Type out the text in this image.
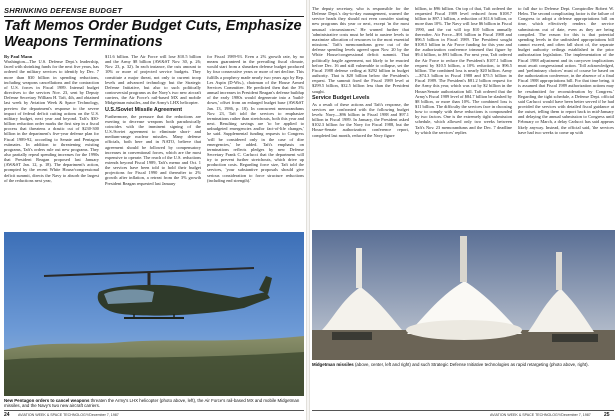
SHRINKING DEFENSE BUDGET
Taft Memos Order Budget Cuts, Emphasize Weapons Terminations

By Paul Mann

Washington—The U.S. Defense Dept.'s leadership, faced with shrinking funds for the next five years, has ordered the military services to identify by Dec. 7 more than $30 billion in spending reductions, including weapons cancellations and the contraction of U.S. forces in Fiscal 1989. Internal budget directives to the services Nov. 23, sent by Deputy Defense Secretary William H. Taft, 4th, and obtained last week by Aviation Week & Space Technology, preview the department's response to the severe impact of federal deficit cutting actions on the U.S. military budget, next year and beyond. Taft's $30-billion reduction order marks the first step in a fiscal process that threatens a drastic cut of $230-300 billion in the department's five-year defense plan for Fiscal 1989-92, according to Senate and Pentagon estimates. In addition to threatening existing programs, Taft's orders rule out new programs. They also partially repeal spending increases for the 1990s that President Reagan proposed last January (AW&ST Jan. 12, p. 18). The department's action, prompted by the recent White House/congressional deficit summit, directs the Navy to absorb the largest of the reductions next year,

$11.6 billion. The Air Force will lose $10.5 billion and the Army $8 billion (AW&ST Nov. 30, p. 26; Nov. 23, p. 32). In each instance, the cuts amount to 10% or more of projected service budgets. They constitute a major threat, not only to current troop levels and advanced technology but the Strategic Defense Initiative, but also to such politically controversial programs as the Navy's two new aircraft carriers, the Air Force's rail-based MX and mobile Midgetman missiles, and the Army's LHX helicopter.

U.S./Soviet Missile Agreement

Furthermore, the pressure that the reductions are exerting to decrease weapons both paradoxically coincides with the imminent signing of the U.S./Soviet agreement to eliminate short- and medium-range nuclear missiles. Many defense officials, both here and in NATO, believe that agreement should be followed by compensatory increases in conventional forces, which are the most expensive to operate. The reach of the U.S. reductions extends beyond Fiscal 1989, Taft's memo and Oct. 1 the services have been told to hold their budget projections for Fiscal 1990 and thereafter to 2% growth after inflation, a retreat from the 3% growth President Reagan requested last January

for Fiscal 1989-93. Even a 2% growth rate, by no means guaranteed in the prevailing fiscal climate, would start from a shrunken defense budget produced by four consecutive years or more of net decline. This fulfills a prophecy made nearly two years ago by Rep. Les Aspin (D-Wis.), chairman of the House Armed Services Committee. He predicted then that the 3% annual increases in President Reagan's defense buildup of the early 1980s would degenerate into a 'build-down,' offset from an enlarged budget base (AW&ST Jan. 13, 1986, p. 18). In concurrent memorandums Nov. 23, Taft told the services to emphasize terminations rather than stretchouts, both this year and next. Resulting savings are 'to be applied to unbudgeted emergencies and/or fact-of-life changes,' he said. Supplemental funding requests to Congress 'will be considered only in the case of dire emergencies,' he added. Taft's emphasis on terminations reflects pledges by new Defense Secretary Frank C. Carlucci that the department will try to prevent further stretchouts, which drive up production costs. Regarding force size, Taft told the services, 'your substantive proposals should give serious consideration to force structure reductions (including end strength).'

New Pentagon orders to cancel weapons threaten the Army's LHX helicopter (photo above, left), the Air Force's rail-based MX and mobile Midgetman missiles, and the Navy's two new aircraft carriers.
24 AVIATION WEEK & SPACE TECHNOLOGY/December 7, 1987

The deputy secretary, who is responsible for the Defense Dept.'s day-to-day management, warned the service heads they should not even consider starting new programs this year or next, except 'in the most unusual circumstances.' He warned further that 'administrative costs must be held to austere levels to maximize allocation of resources to the most essential missions.' Taft's memorandums grew out of the defense spending levels agreed upon Nov. 20 by the White House/congressional deficit summit. That politically fragile agreement, not likely to be enacted before Dec. 16 and still vulnerable to collapse, set the Fiscal 1988 defense ceiling at $292 billion in budget authority. That is $20 billion below the President's request. The summit fixed the Fiscal 1989 level at $299.5 billion, $32.5 billion less than the President sought.

Service Budget Levels

As a result of these actions and Taft's response, the services are confronted with the following budget levels: Navy—$96 billion in Fiscal 1988 and $97.1 billion in Fiscal 1989. In January, the President asked $102.3 billion for the Navy for Fiscal 1988, but the House-Senate authorization conference report, completed last month, reduced the Navy figure

billion, to $96 billion. On top of that, Taft ordered the requested Fiscal 1989 level reduced from $108.7 billion to $97.1 billion, a reduction of $11.6 billion, or more than 10%. The Navy will lose $6 billion in Fiscal 1990, and the cut will top $10 billion annually thereafter. Air Force—$91 billion in Fiscal 1988 and $96.5 billion in Fiscal 1989. The President sought $108.5 billion in Air Force funding for this year and the authorization conference trimmed that figure by $9.4 billion, to $91 billion. For next year, Taft ordered the Air Force to reduce the President's $107.1 billion request by $10.5 billion, a 10% reduction, to $96.5 billion. The combined loss is nearly $20 billion. Army—$74.3 billion in Fiscal 1988 and $75.5 billion in Fiscal 1989. The President's $81.2 billion request for the Army this year, which was cut by $2 billion in the House/Senate authorization bill. Taft ordered that the Army's Fiscal 1989 level of $84.7 billion be slashed by $8 billion, or more than 10%. The combined loss is $11 billion. The difficulty the services face in choosing how to comply with these reductions is compounded by two factors. One is the extremely tight submission schedule, which allowed only two weeks between Taft's Nov. 23 memorandums and the Dec. 7 deadline by which the services' replies

to fall due to Defense Dept. Comptroller Robert W. Helm. The second complicating factor is the failure of Congress to adopt a defense appropriations bill on time, which effectively renders the service submissions out of date, even as they are being compiled. The reason for this is that potential spending levels in the unfinished appropriations bill cannot exceed, and often fall short of, the separate budget authority ceilings established in the prior authorization legislation. The implementation of the Fiscal 1988 adjustment and its carryover implications must await congressional action. 'Toll acknowledged, and 'preliminary choices' must of course be based on the authorization conference, in the absence of a final Fiscal 1988 appropriations bill. For that time being, it is assumed that Fiscal 1989 authorization actions may be resubmitted for reconsideration by Congress.' Regarding the tight schedule, a Defense Dept. official said Carlucci would have been better served if he had provided the services with detailed fiscal guidance at the outset, telling them to report back in mid-January and delaying the annual submission to Congress until February or March, a delay Carlucci has said appears likely anyway. Instead, the official said, 'the services have had two weeks to come up with

Midgetman missiles (above, center, left and right) and such Strategic Defense Initiative technologies as rapid retargeting (photo above, right).
AVIATION WEEK & SPACE TECHNOLOGY/December 7, 1987	25
